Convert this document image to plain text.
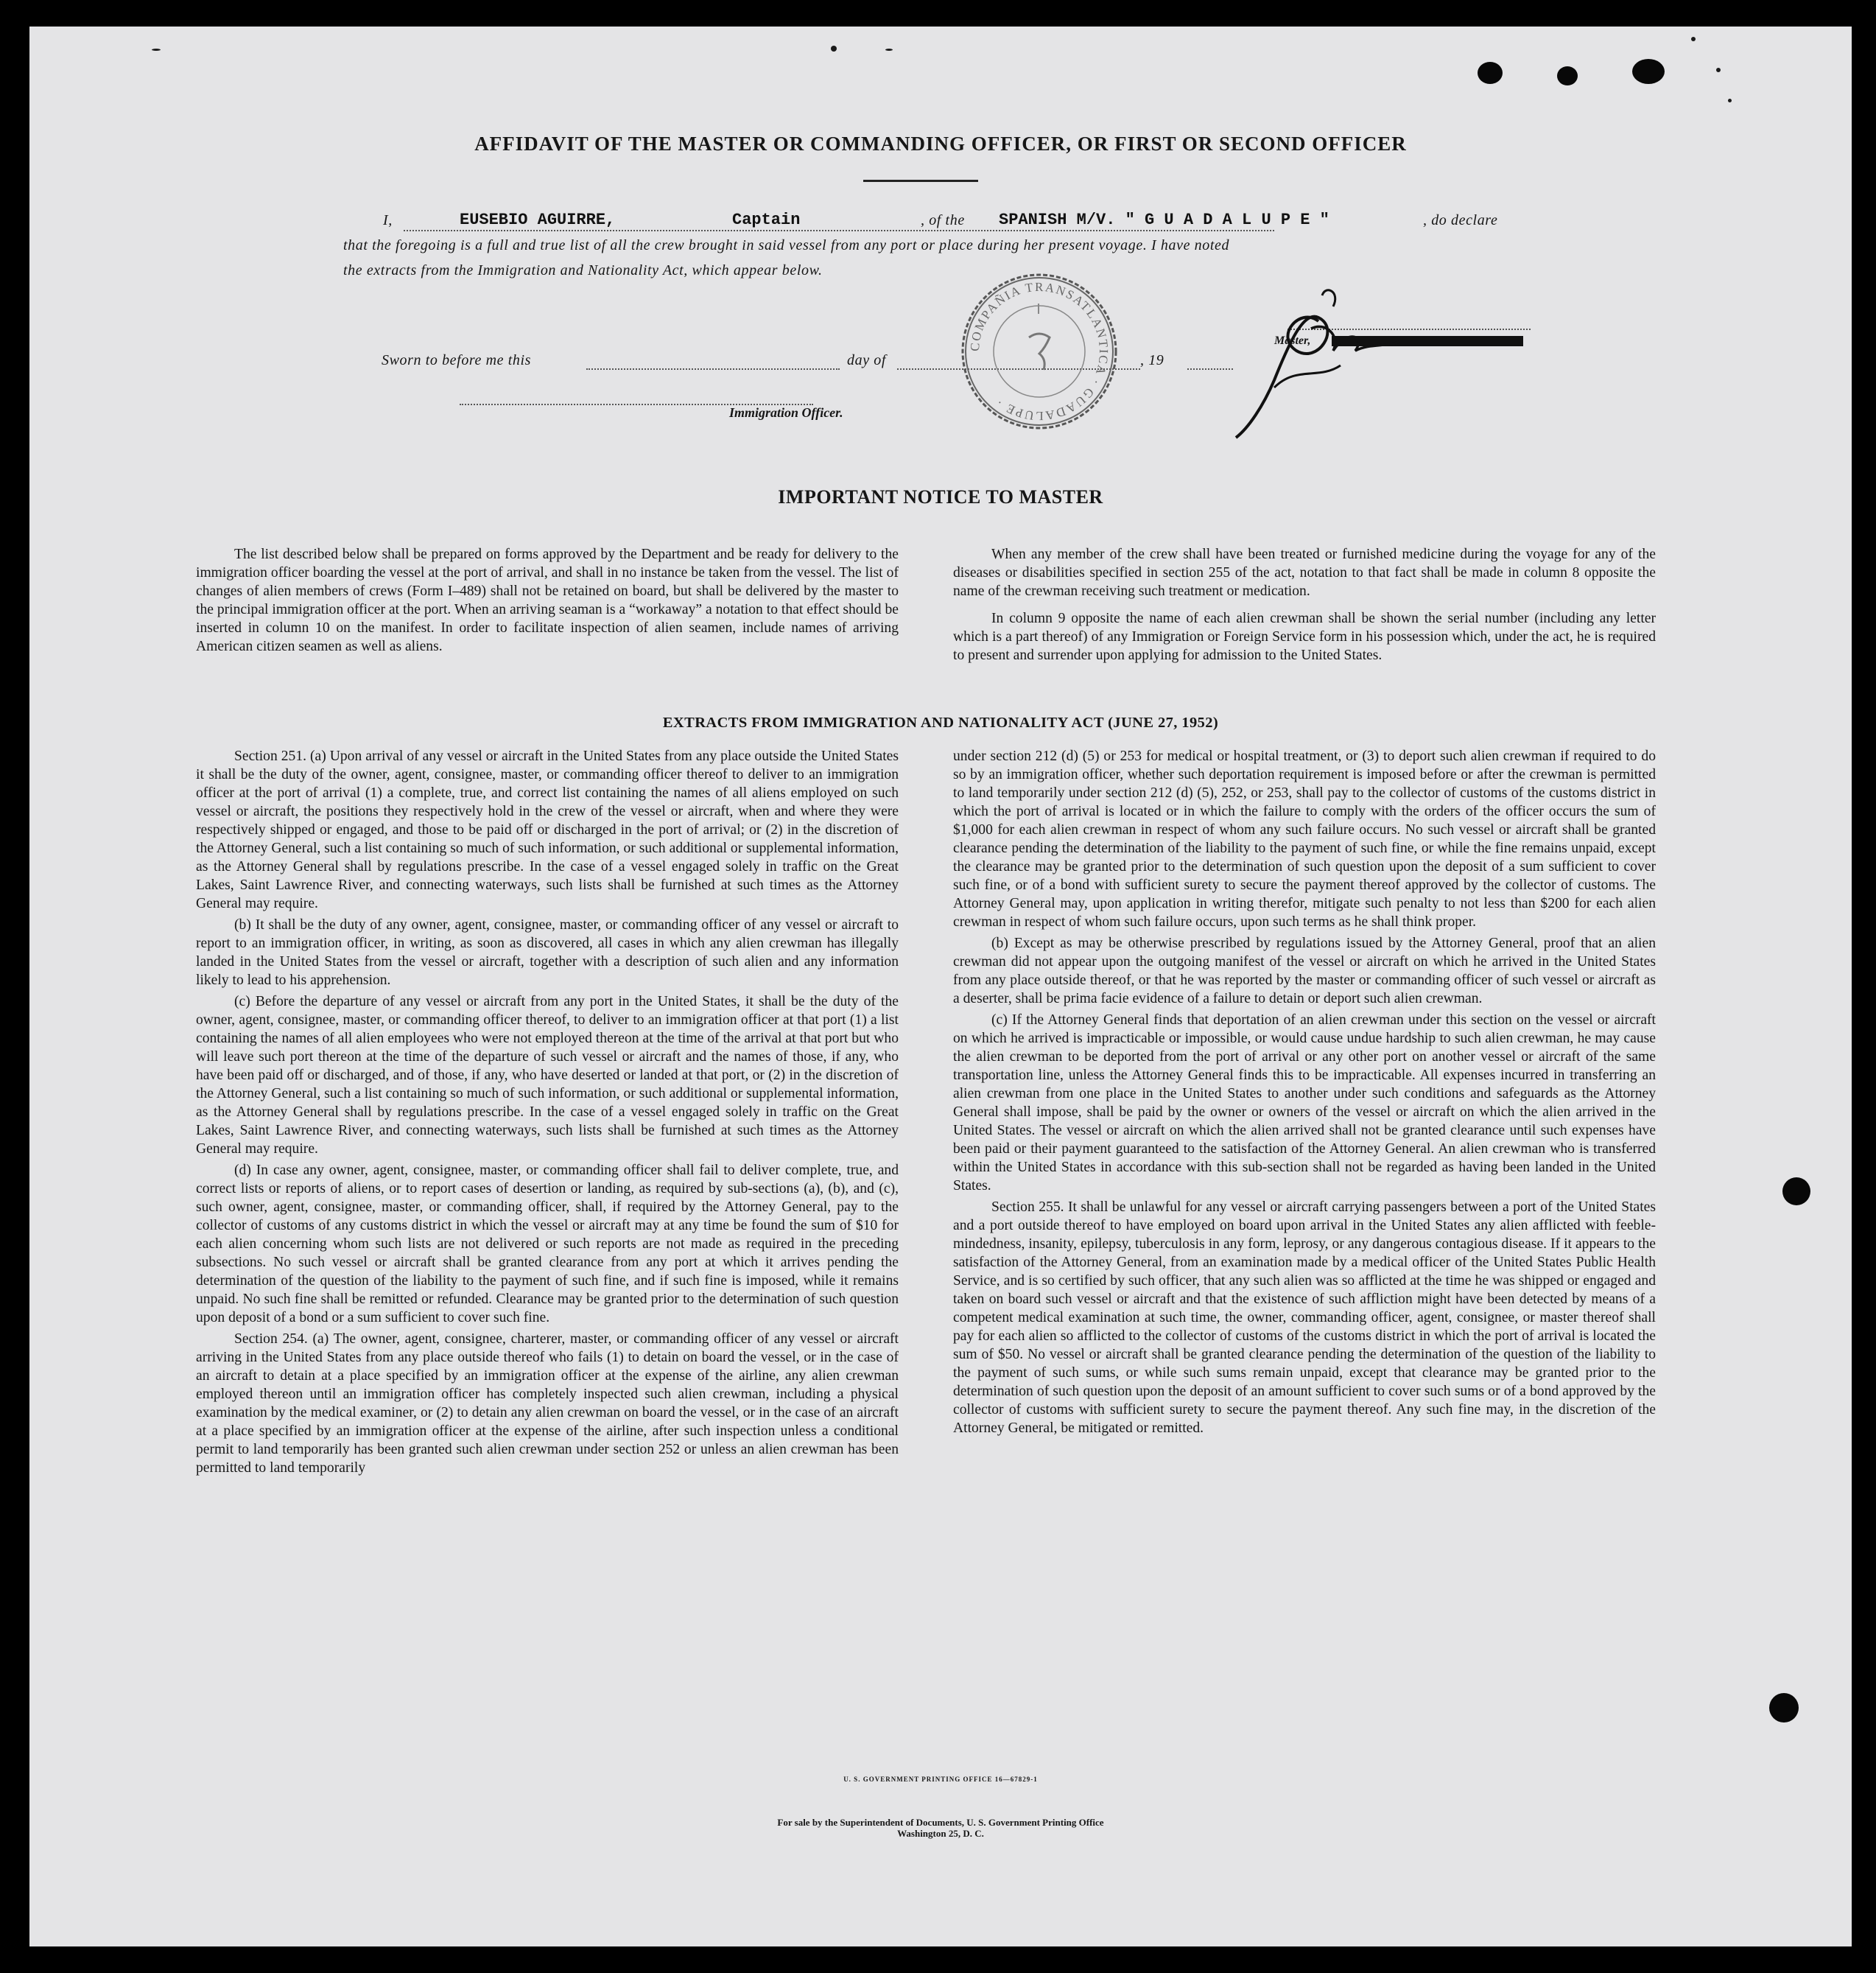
AFFIDAVIT OF THE MASTER OR COMMANDING OFFICER, OR FIRST OR SECOND OFFICER
I,	EUSEBIO AGUIRRE,	Captain	, of the SPANISH M/V. " G U A D A L U P E "	, do declare
that the foregoing is a full and true list of all the crew brought in said vessel from any port or place during her present voyage. I have noted
the extracts from the Immigration and Nationality Act, which appear below.
Sworn to before me this	day of	, 19
Immigration Officer.
Master,
COMPAÑIA TRANSATLANTICA · GUADALUPE ·
IMPORTANT NOTICE TO MASTER

The list described below shall be prepared on forms approved by the Department and be ready for delivery to the immigration officer boarding the vessel at the port of arrival, and shall in no instance be taken from the vessel. The list of changes of alien members of crews (Form I–489) shall not be retained on board, but shall be delivered by the master to the principal immigration officer at the port. When an arriving seaman is a “workaway” a notation to that effect should be inserted in column 10 on the manifest. In order to facilitate inspection of alien seamen, include names of arriving American citizen seamen as well as aliens.

When any member of the crew shall have been treated or furnished medicine during the voyage for any of the diseases or disabilities specified in section 255 of the act, notation to that fact shall be made in column 8 opposite the name of the crewman receiving such treatment or medication.

In column 9 opposite the name of each alien crewman shall be shown the serial number (including any letter which is a part thereof) of any Immigration or Foreign Service form in his possession which, under the act, he is required to present and surrender upon applying for admission to the United States.

EXTRACTS FROM IMMIGRATION AND NATIONALITY ACT (JUNE 27, 1952)

Section 251. (a) Upon arrival of any vessel or aircraft in the United States from any place outside the United States it shall be the duty of the owner, agent, consignee, master, or commanding officer thereof to deliver to an immigration officer at the port of arrival (1) a complete, true, and correct list containing the names of all aliens employed on such vessel or aircraft, the positions they respectively hold in the crew of the vessel or aircraft, when and where they were respectively shipped or engaged, and those to be paid off or discharged in the port of arrival; or (2) in the discretion of the Attorney General, such a list containing so much of such information, or such additional or supplemental information, as the Attorney General shall by regulations prescribe. In the case of a vessel engaged solely in traffic on the Great Lakes, Saint Lawrence River, and connecting waterways, such lists shall be furnished at such times as the Attorney General may require.

(b) It shall be the duty of any owner, agent, consignee, master, or commanding officer of any vessel or aircraft to report to an immigration officer, in writing, as soon as discovered, all cases in which any alien crewman has illegally landed in the United States from the vessel or aircraft, together with a description of such alien and any information likely to lead to his apprehension.

(c) Before the departure of any vessel or aircraft from any port in the United States, it shall be the duty of the owner, agent, consignee, master, or commanding officer thereof, to deliver to an immigration officer at that port (1) a list containing the names of all alien employees who were not employed thereon at the time of the arrival at that port but who will leave such port thereon at the time of the departure of such vessel or aircraft and the names of those, if any, who have been paid off or discharged, and of those, if any, who have deserted or landed at that port, or (2) in the discretion of the Attorney General, such a list containing so much of such information, or such additional or supplemental information, as the Attorney General shall by regulations prescribe. In the case of a vessel engaged solely in traffic on the Great Lakes, Saint Lawrence River, and connecting waterways, such lists shall be furnished at such times as the Attorney General may require.

(d) In case any owner, agent, consignee, master, or commanding officer shall fail to deliver complete, true, and correct lists or reports of aliens, or to report cases of desertion or landing, as required by sub-sections (a), (b), and (c), such owner, agent, consignee, master, or commanding officer, shall, if required by the Attorney General, pay to the collector of customs of any customs district in which the vessel or aircraft may at any time be found the sum of $10 for each alien concerning whom such lists are not delivered or such reports are not made as required in the preceding subsections. No such vessel or aircraft shall be granted clearance from any port at which it arrives pending the determination of the question of the liability to the payment of such fine, and if such fine is imposed, while it remains unpaid. No such fine shall be remitted or refunded. Clearance may be granted prior to the determination of such question upon deposit of a bond or a sum sufficient to cover such fine.

Section 254. (a) The owner, agent, consignee, charterer, master, or commanding officer of any vessel or aircraft arriving in the United States from any place outside thereof who fails (1) to detain on board the vessel, or in the case of an aircraft to detain at a place specified by an immigration officer at the expense of the airline, any alien crewman employed thereon until an immigration officer has completely inspected such alien crewman, including a physical examination by the medical examiner, or (2) to detain any alien crewman on board the vessel, or in the case of an aircraft at a place specified by an immigration officer at the expense of the airline, after such inspection unless a conditional permit to land temporarily has been granted such alien crewman under section 252 or unless an alien crewman has been permitted to land temporarily

under section 212 (d) (5) or 253 for medical or hospital treatment, or (3) to deport such alien crewman if required to do so by an immigration officer, whether such deportation requirement is imposed before or after the crewman is permitted to land temporarily under section 212 (d) (5), 252, or 253, shall pay to the collector of customs of the customs district in which the port of arrival is located or in which the failure to comply with the orders of the officer occurs the sum of $1,000 for each alien crewman in respect of whom any such failure occurs. No such vessel or aircraft shall be granted clearance pending the determination of the liability to the payment of such fine, or while the fine remains unpaid, except the clearance may be granted prior to the determination of such question upon the deposit of a sum sufficient to cover such fine, or of a bond with sufficient surety to secure the payment thereof approved by the collector of customs. The Attorney General may, upon application in writing therefor, mitigate such penalty to not less than $200 for each alien crewman in respect of whom such failure occurs, upon such terms as he shall think proper.

(b) Except as may be otherwise prescribed by regulations issued by the Attorney General, proof that an alien crewman did not appear upon the outgoing manifest of the vessel or aircraft on which he arrived in the United States from any place outside thereof, or that he was reported by the master or commanding officer of such vessel or aircraft as a deserter, shall be prima facie evidence of a failure to detain or deport such alien crewman.

(c) If the Attorney General finds that deportation of an alien crewman under this section on the vessel or aircraft on which he arrived is impracticable or impossible, or would cause undue hardship to such alien crewman, he may cause the alien crewman to be deported from the port of arrival or any other port on another vessel or aircraft of the same transportation line, unless the Attorney General finds this to be impracticable. All expenses incurred in transferring an alien crewman from one place in the United States to another under such conditions and safeguards as the Attorney General shall impose, shall be paid by the owner or owners of the vessel or aircraft on which the alien arrived in the United States. The vessel or aircraft on which the alien arrived shall not be granted clearance until such expenses have been paid or their payment guaranteed to the satisfaction of the Attorney General. An alien crewman who is transferred within the United States in accordance with this sub-section shall not be regarded as having been landed in the United States.

Section 255. It shall be unlawful for any vessel or aircraft carrying passengers between a port of the United States and a port outside thereof to have employed on board upon arrival in the United States any alien afflicted with feeble-mindedness, insanity, epilepsy, tuberculosis in any form, leprosy, or any dangerous contagious disease. If it appears to the satisfaction of the Attorney General, from an examination made by a medical officer of the United States Public Health Service, and is so certified by such officer, that any such alien was so afflicted at the time he was shipped or engaged and taken on board such vessel or aircraft and that the existence of such affliction might have been detected by means of a competent medical examination at such time, the owner, commanding officer, agent, consignee, or master thereof shall pay for each alien so afflicted to the collector of customs of the customs district in which the port of arrival is located the sum of $50. No vessel or aircraft shall be granted clearance pending the determination of the question of the liability to the payment of such sums, or while such sums remain unpaid, except that clearance may be granted prior to the determination of such question upon the deposit of an amount sufficient to cover such sums or of a bond approved by the collector of customs with sufficient surety to secure the payment thereof. Any such fine may, in the discretion of the Attorney General, be mitigated or remitted.

U. S. GOVERNMENT PRINTING OFFICE 16—67829-1
For sale by the Superintendent of Documents, U. S. Government Printing Office
Washington 25, D. C.
